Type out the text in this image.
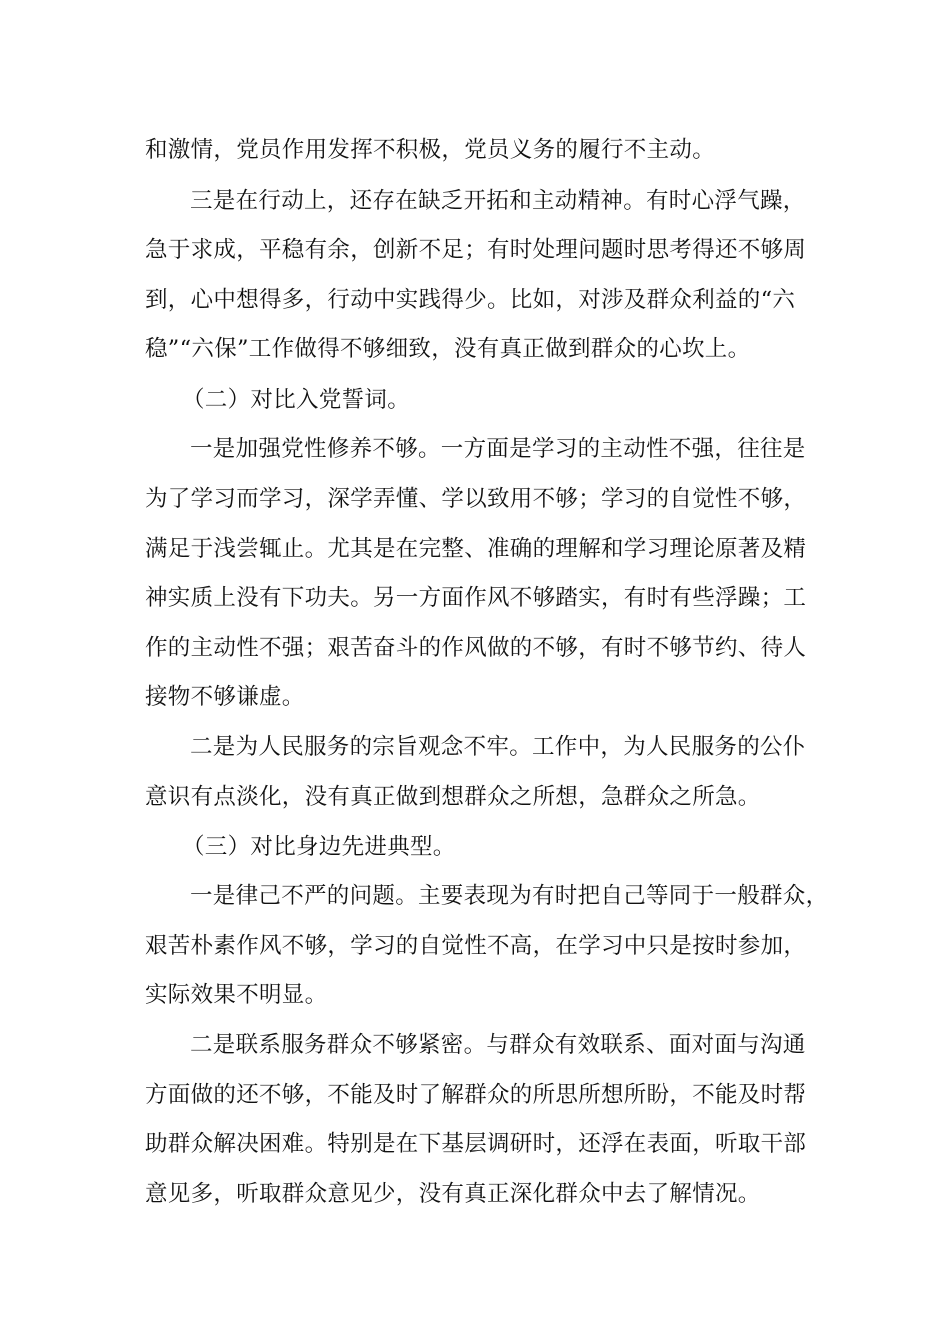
和激情，党员作用发挥不积极，党员义务的履行不主动。
三是在行动上，还存在缺乏开拓和主动精神。有时心浮气躁，
急于求成，平稳有余，创新不足；有时处理问题时思考得还不够周
到，心中想得多，行动中实践得少。比如，对涉及群众利益的“六
稳”“六保”工作做得不够细致，没有真正做到群众的心坎上。
（二）对比入党誓词。
一是加强党性修养不够。一方面是学习的主动性不强，往往是
为了学习而学习，深学弄懂、学以致用不够；学习的自觉性不够，
满足于浅尝辄止。尤其是在完整、准确的理解和学习理论原著及精
神实质上没有下功夫。另一方面作风不够踏实，有时有些浮躁；工
作的主动性不强；艰苦奋斗的作风做的不够，有时不够节约、待人
接物不够谦虚。
二是为人民服务的宗旨观念不牢。工作中，为人民服务的公仆
意识有点淡化，没有真正做到想群众之所想，急群众之所急。
（三）对比身边先进典型。
一是律己不严的问题。主要表现为有时把自己等同于一般群众，
艰苦朴素作风不够，学习的自觉性不高，在学习中只是按时参加，
实际效果不明显。
二是联系服务群众不够紧密。与群众有效联系、面对面与沟通
方面做的还不够，不能及时了解群众的所思所想所盼，不能及时帮
助群众解决困难。特别是在下基层调研时，还浮在表面，听取干部
意见多，听取群众意见少，没有真正深化群众中去了解情况。
